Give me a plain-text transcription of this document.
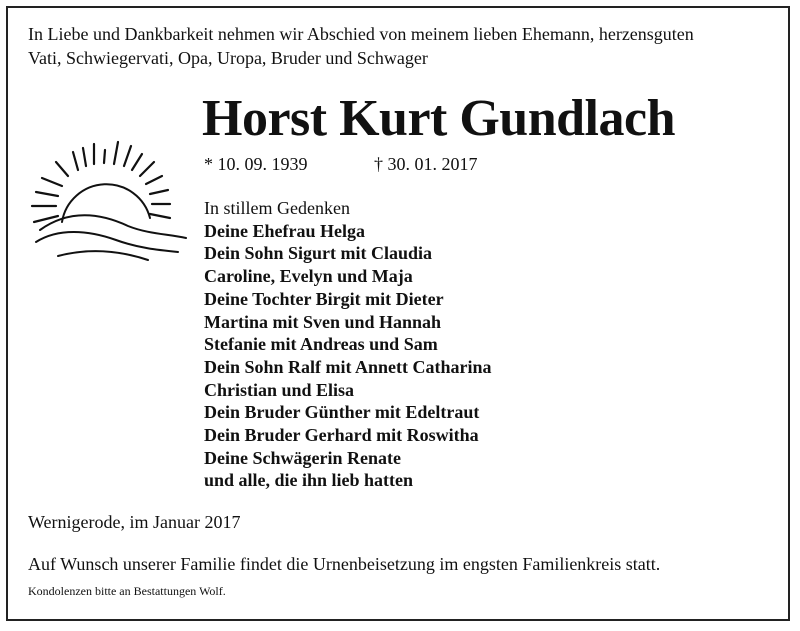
In Liebe und Dankbarkeit nehmen wir Abschied von meinem lieben Ehemann, herzensguten
Vati, Schwiegervati, Opa, Uropa, Bruder und Schwager
Horst Kurt Gundlach
* 10. 09. 1939	† 30. 01. 2017
In stillem Gedenken
Deine Ehefrau Helga
Dein Sohn Sigurt mit Claudia
Caroline, Evelyn und Maja
Deine Tochter Birgit mit Dieter
Martina mit Sven und Hannah
Stefanie mit Andreas und Sam
Dein Sohn Ralf mit Annett Catharina
Christian und Elisa
Dein Bruder Günther mit Edeltraut
Dein Bruder Gerhard mit Roswitha
Deine Schwägerin Renate
und alle, die ihn lieb hatten
Wernigerode, im Januar 2017
Auf Wunsch unserer Familie findet die Urnenbeisetzung im engsten Familienkreis statt.
Kondolenzen bitte an Bestattungen Wolf.
